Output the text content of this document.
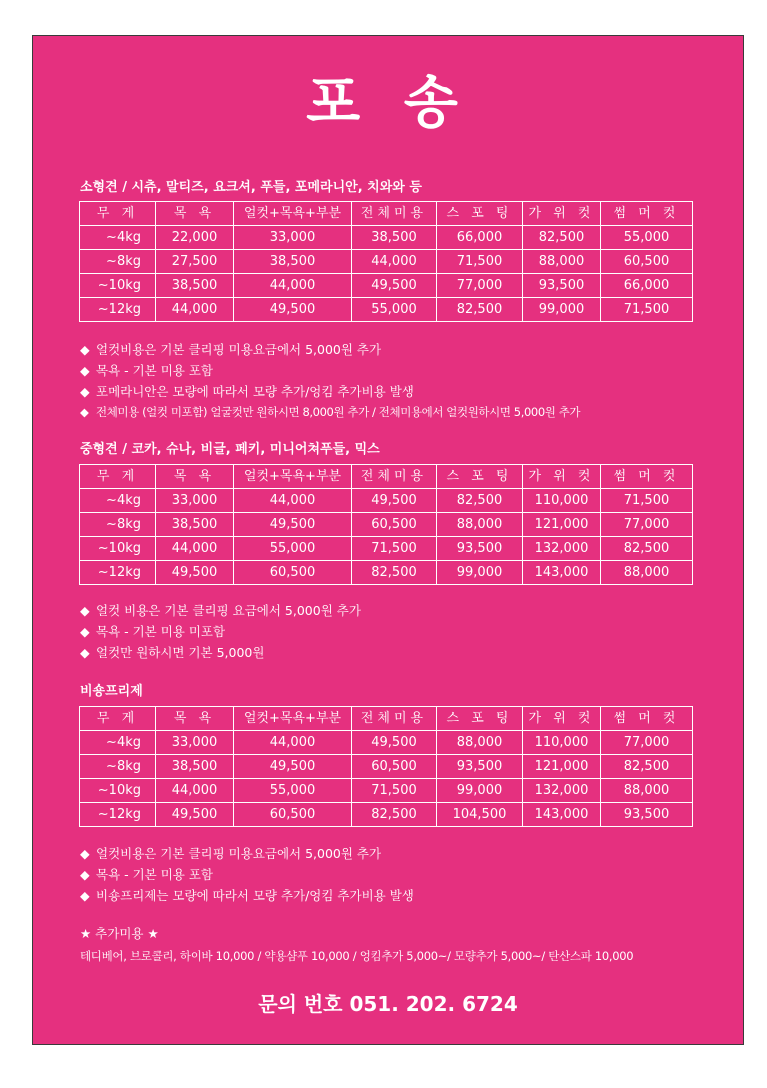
포 송
소형견 / 시츄, 말티즈, 요크셔, 푸들, 포메라니안, 치와와 등
무 게	목 욕	얼컷+목욕+부분	전체미용	스 포 팅	가 위 컷	썸 머 컷
~4kg	22,000	33,000	38,500	66,000	82,500	55,000
~8kg	27,500	38,500	44,000	71,500	88,000	60,500
~10kg	38,500	44,000	49,500	77,000	93,500	66,000
~12kg	44,000	49,500	55,000	82,500	99,000	71,500
◆ 얼컷비용은 기본 클리핑 미용요금에서 5,000원 추가
◆ 목욕 - 기본 미용 포함
◆ 포메라니안은 모량에 따라서 모량 추가/엉킴 추가비용 발생
◆ 전체미용 (얼컷 미포함) 얼굴컷만 원하시면 8,000원 추가 / 전체미용에서 얼컷원하시면 5,000원 추가
중형견 / 코카, 슈나, 비글, 페키, 미니어쳐푸들, 믹스
무 게	목 욕	얼컷+목욕+부분	전체미용	스 포 팅	가 위 컷	썸 머 컷
~4kg	33,000	44,000	49,500	82,500	110,000	71,500
~8kg	38,500	49,500	60,500	88,000	121,000	77,000
~10kg	44,000	55,000	71,500	93,500	132,000	82,500
~12kg	49,500	60,500	82,500	99,000	143,000	88,000
◆ 얼컷 비용은 기본 클리핑 요금에서 5,000원 추가
◆ 목욕 - 기본 미용 미포함
◆ 얼컷만 원하시면 기본 5,000원
비숑프리제
무 게	목 욕	얼컷+목욕+부분	전체미용	스 포 팅	가 위 컷	썸 머 컷
~4kg	33,000	44,000	49,500	88,000	110,000	77,000
~8kg	38,500	49,500	60,500	93,500	121,000	82,500
~10kg	44,000	55,000	71,500	99,000	132,000	88,000
~12kg	49,500	60,500	82,500	104,500	143,000	93,500
◆ 얼컷비용은 기본 클리핑 미용요금에서 5,000원 추가
◆ 목욕 - 기본 미용 포함
◆ 비숑프리제는 모량에 따라서 모량 추가/엉킴 추가비용 발생
★ 추가미용 ★
테디베어, 브로콜리, 하이바 10,000 / 약용샴푸 10,000 / 엉킴추가 5,000~/ 모량추가 5,000~/ 탄산스파 10,000
문의 번호 051. 202. 6724
